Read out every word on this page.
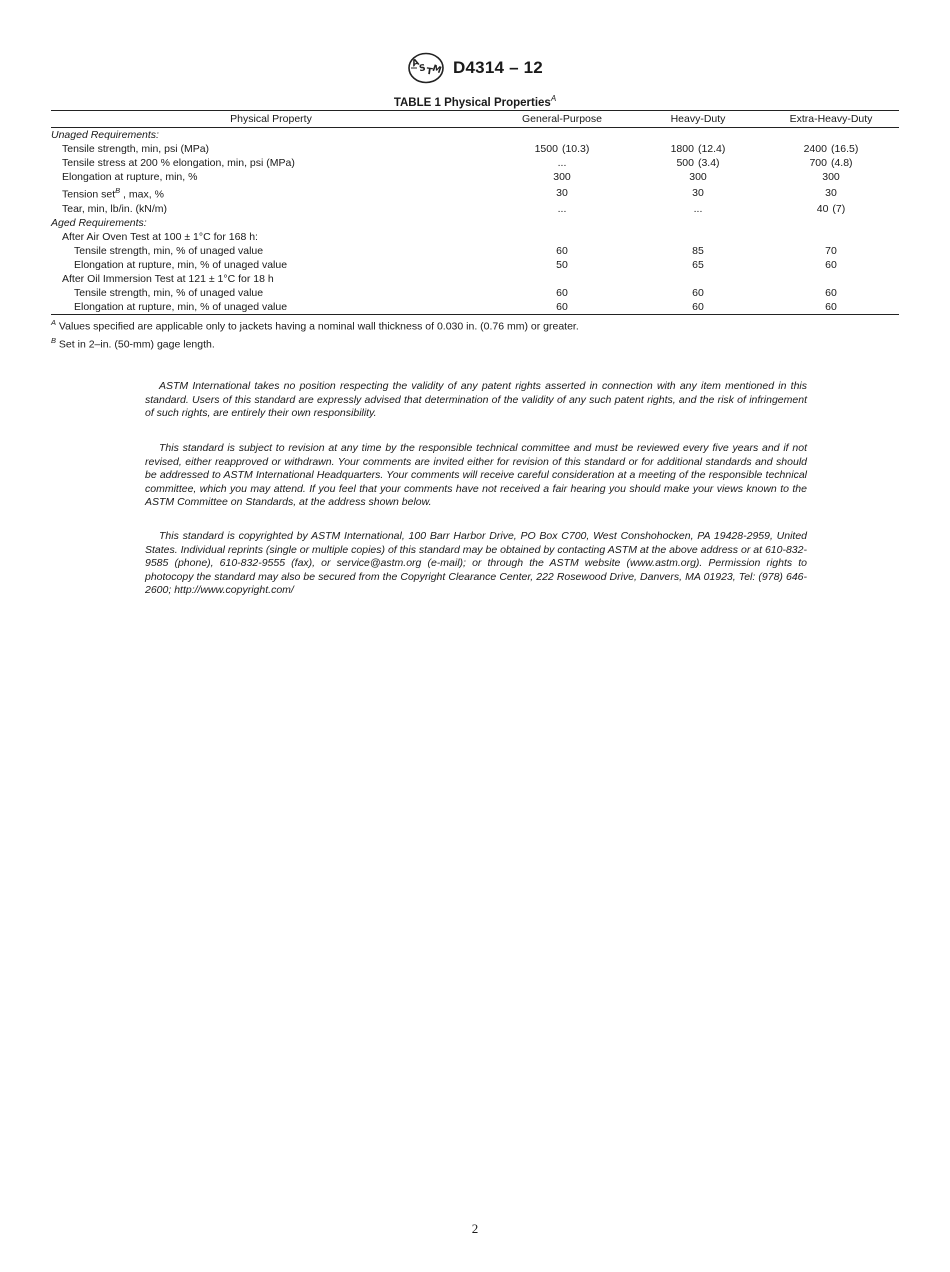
A
S T
M D4314 – 12
TABLE 1 Physical Properties$^A$
Physical Property	General-Purpose	Heavy-Duty	Extra-Heavy-Duty
Unaged Requirements:			
Tensile strength, min, psi (MPa)	1500 (10.3)	1800 (12.4)	2400 (16.5)
Tensile stress at 200 % elongation, min, psi (MPa)	...	500 (3.4)	700 (4.8)
Elongation at rupture, min, %	300	300	300
Tension set$^B$ , max, %	30	30	30
Tear, min, lb/in. (kN/m)	...	...	40 (7)
Aged Requirements:			
After Air Oven Test at 100 ± 1°C for 168 h:			
Tensile strength, min, % of unaged value	60	85	70
Elongation at rupture, min, % of unaged value	50	65	60
After Oil Immersion Test at 121 ± 1°C for 18 h			
Tensile strength, min, % of unaged value	60	60	60
Elongation at rupture, min, % of unaged value	60	60	60
$^A$ Values specified are applicable only to jackets having a nominal wall thickness of 0.030 in. (0.76 mm) or greater.
$^B$ Set in 2–in. (50-mm) gage length.

ASTM International takes no position respecting the validity of any patent rights asserted in connection with any item mentioned in this standard. Users of this standard are expressly advised that determination of the validity of any such patent rights, and the risk of infringement of such rights, are entirely their own responsibility.

This standard is subject to revision at any time by the responsible technical committee and must be reviewed every five years and if not revised, either reapproved or withdrawn. Your comments are invited either for revision of this standard or for additional standards and should be addressed to ASTM International Headquarters. Your comments will receive careful consideration at a meeting of the responsible technical committee, which you may attend. If you feel that your comments have not received a fair hearing you should make your views known to the ASTM Committee on Standards, at the address shown below.

This standard is copyrighted by ASTM International, 100 Barr Harbor Drive, PO Box C700, West Conshohocken, PA 19428-2959, United States. Individual reprints (single or multiple copies) of this standard may be obtained by contacting ASTM at the above address or at 610-832-9585 (phone), 610-832-9555 (fax), or service@astm.org (e-mail); or through the ASTM website (www.astm.org). Permission rights to photocopy the standard may also be secured from the Copyright Clearance Center, 222 Rosewood Drive, Danvers, MA 01923, Tel: (978) 646-2600; http://www.copyright.com/

2
